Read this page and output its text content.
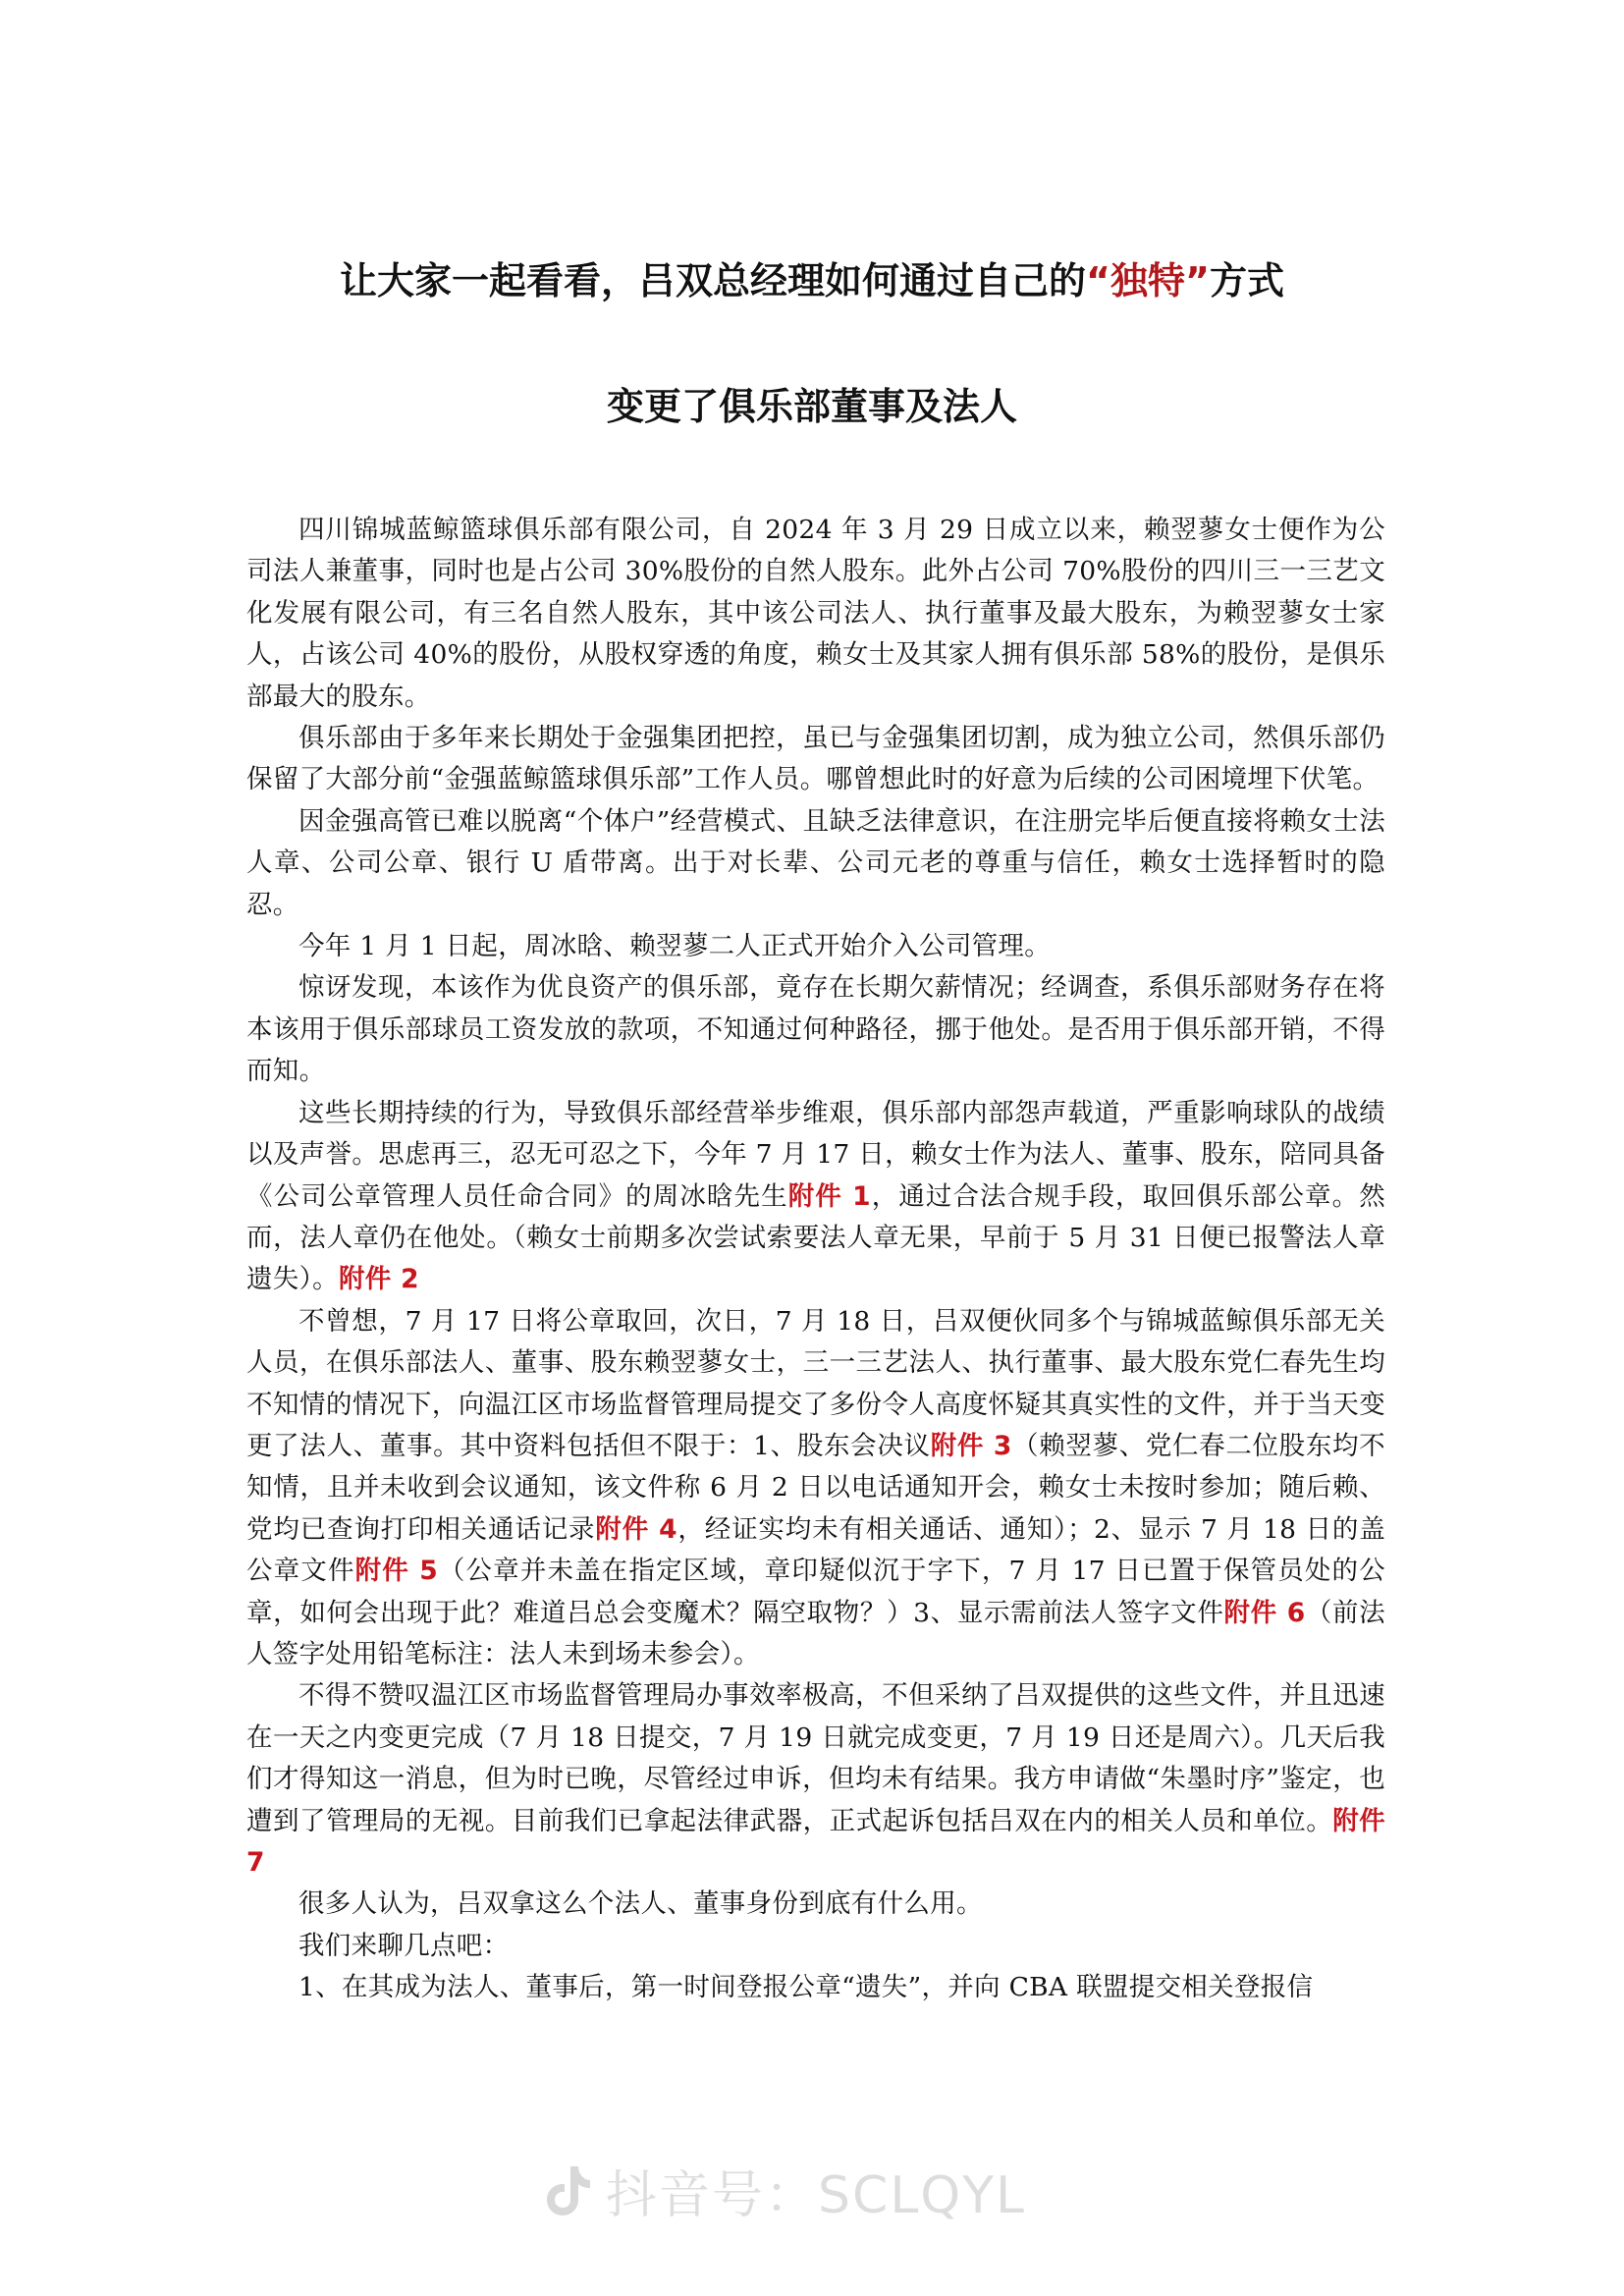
让大家一起看看，吕双总经理如何通过自己的“独特”方式
变更了俱乐部董事及法人

四川锦城蓝鲸篮球俱乐部有限公司，自 2024 年 3 月 29 日成立以来，赖翌蓼女士便作为公司法人兼董事，同时也是占公司 30%股份的自然人股东。此外占公司 70%股份的四川三一三艺文化发展有限公司，有三名自然人股东，其中该公司法人、执行董事及最大股东，为赖翌蓼女士家人，占该公司 40%的股份，从股权穿透的角度，赖女士及其家人拥有俱乐部 58%的股份，是俱乐部最大的股东。

俱乐部由于多年来长期处于金强集团把控，虽已与金强集团切割，成为独立公司，然俱乐部仍保留了大部分前“金强蓝鲸篮球俱乐部”工作人员。哪曾想此时的好意为后续的公司困境埋下伏笔。

因金强高管已难以脱离“个体户”经营模式、且缺乏法律意识，在注册完毕后便直接将赖女士法人章、公司公章、银行 U 盾带离。出于对长辈、公司元老的尊重与信任，赖女士选择暂时的隐忍。

今年 1 月 1 日起，周冰晗、赖翌蓼二人正式开始介入公司管理。

惊讶发现，本该作为优良资产的俱乐部，竟存在长期欠薪情况；经调查，系俱乐部财务存在将本该用于俱乐部球员工资发放的款项，不知通过何种路径，挪于他处。是否用于俱乐部开销，不得而知。

这些长期持续的行为，导致俱乐部经营举步维艰，俱乐部内部怨声载道，严重影响球队的战绩以及声誉。思虑再三，忍无可忍之下，今年 7 月 17 日，赖女士作为法人、董事、股东，陪同具备《公司公章管理人员任命合同》的周冰晗先生附件 1，通过合法合规手段，取回俱乐部公章。然而，法人章仍在他处。（赖女士前期多次尝试索要法人章无果，早前于 5 月 31 日便已报警法人章遗失）。附件 2

不曾想，7 月 17 日将公章取回，次日，7 月 18 日，吕双便伙同多个与锦城蓝鲸俱乐部无关人员，在俱乐部法人、董事、股东赖翌蓼女士，三一三艺法人、执行董事、最大股东党仁春先生均不知情的情况下，向温江区市场监督管理局提交了多份令人高度怀疑其真实性的文件，并于当天变更了法人、董事。其中资料包括但不限于：1、股东会决议附件 3（赖翌蓼、党仁春二位股东均不知情，且并未收到会议通知，该文件称 6 月 2 日以电话通知开会，赖女士未按时参加；随后赖、党均已查询打印相关通话记录附件 4，经证实均未有相关通话、通知）；2、显示 7 月 18 日的盖公章文件附件 5（公章并未盖在指定区域，章印疑似沉于字下，7 月 17 日已置于保管员处的公章，如何会出现于此？难道吕总会变魔术？隔空取物？）3、显示需前法人签字文件附件 6（前法人签字处用铅笔标注：法人未到场未参会）。

不得不赞叹温江区市场监督管理局办事效率极高，不但采纳了吕双提供的这些文件，并且迅速在一天之内变更完成（7 月 18 日提交，7 月 19 日就完成变更，7 月 19 日还是周六）。几天后我们才得知这一消息，但为时已晚，尽管经过申诉，但均未有结果。我方申请做“朱墨时序”鉴定，也遭到了管理局的无视。目前我们已拿起法律武器，正式起诉包括吕双在内的相关人员和单位。附件 7

很多人认为，吕双拿这么个法人、董事身份到底有什么用。

我们来聊几点吧：

1、在其成为法人、董事后，第一时间登报公章“遗失”，并向 CBA 联盟提交相关登报信

抖音号：SCLQYL
